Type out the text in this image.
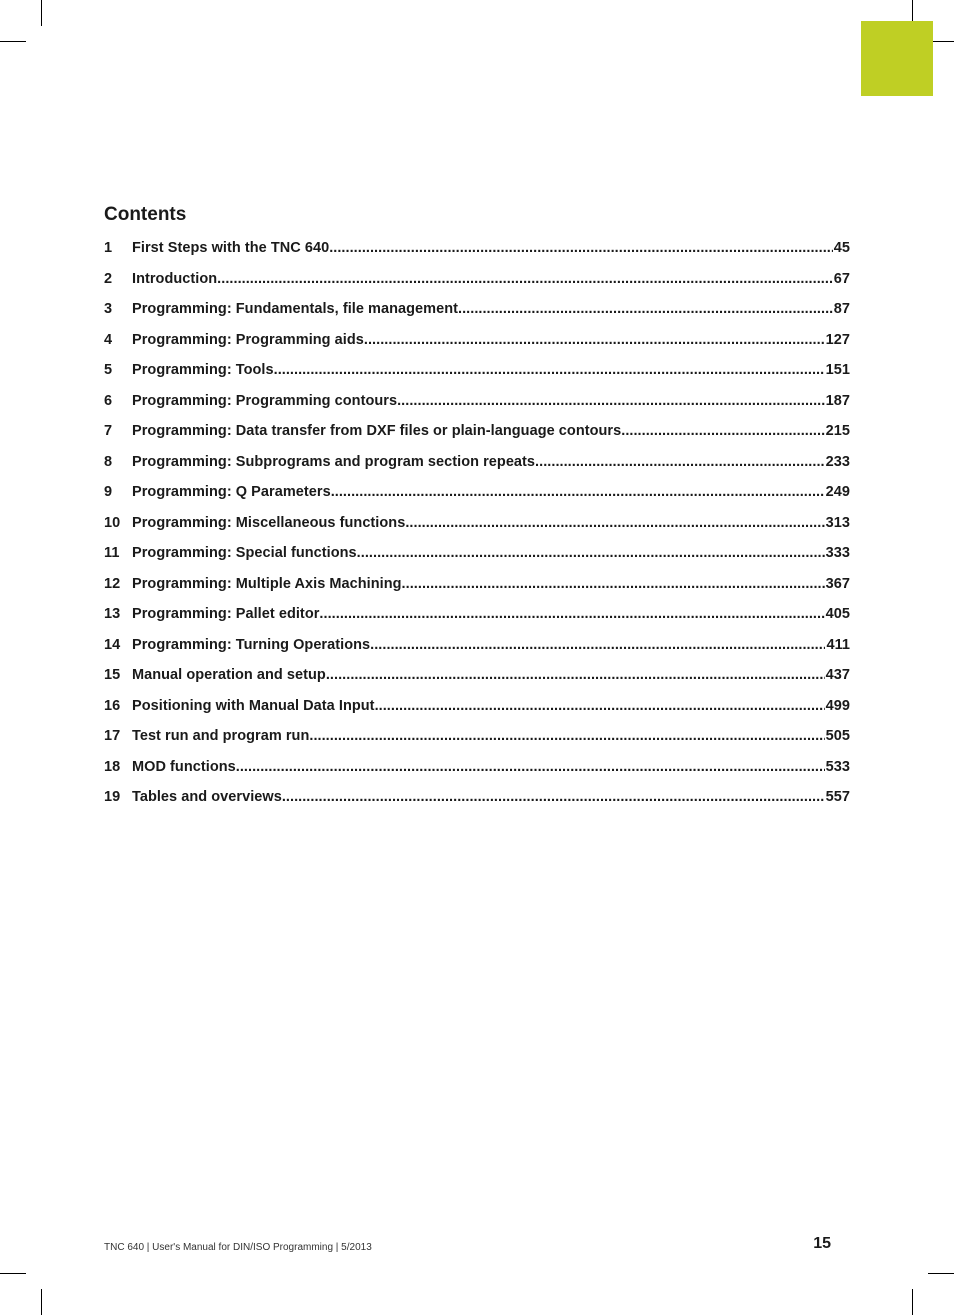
Contents
1	First Steps with the TNC 640 .....	45
2	Introduction .....	67
3	Programming: Fundamentals, file management .....	87
4	Programming: Programming aids .....	127
5	Programming: Tools .....	151
6	Programming: Programming contours .....	187
7	Programming: Data transfer from DXF files or plain-language contours .....	215
8	Programming: Subprograms and program section repeats .....	233
9	Programming: Q Parameters .....	249
10 Programming: Miscellaneous functions .....	313
11 Programming: Special functions .....	333
12 Programming: Multiple Axis Machining .....	367
13 Programming: Pallet editor .....	405
14 Programming: Turning Operations .....	411
15 Manual operation and setup .....	437
16 Positioning with Manual Data Input .....	499
17 Test run and program run .....	505
18 MOD functions .....	533
19 Tables and overviews .....	557
TNC 640 | User's Manual for DIN/ISO Programming | 5/2013	15
